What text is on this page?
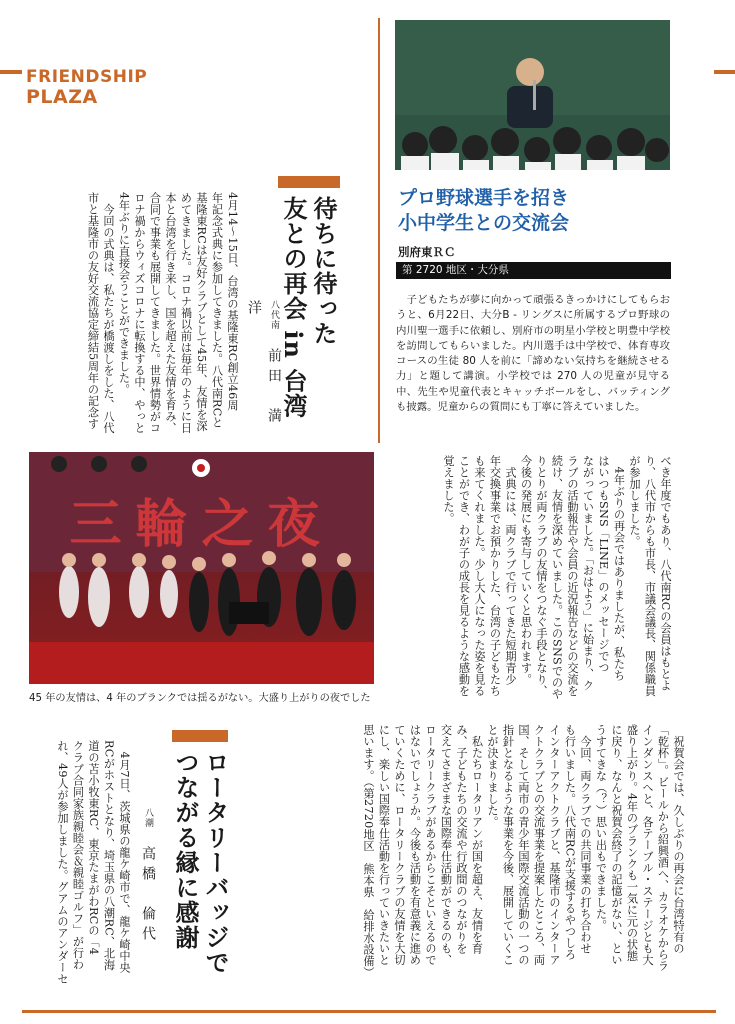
FRIENDSHIP
PLAZA
待ちに待った
友との再会 in 台湾
八代南 前田　満洋
4月14～15日、台湾の基隆東RC創立46周
年記念式典に参加してきました。八代南RCと
基隆東RCは友好クラブとして45年、友情を深
めてきました。コロナ禍以前は毎年のように日
本と台湾を行き来し、国を超えた友情を育み、
合同で事業も展開してきました。世界情勢がコ
ロナ禍からウィズコロナに転換する中、やっと
4年ぶりに直接会うことができました。
　今回の式典は、私たちが橋渡しをした、八代
市と基隆市の友好交流協定締結5周年の記念す	プロ野球選手を招き
小中学生との交流会
別府東ＲＣ
第 2720 地区・大分県
　子どもたちが夢に向かって頑張るきっかけにしてもらおうと、6月22日、大分B - リングスに所属するプロ野球の内川聖一選手に依頼し、別府市の明星小学校と明豊中学校を訪問してもらいました。内川選手は中学校で、体育専攻コースの生徒 80 人を前に「諦めない気持ちを継続させる力」と題して講演。小学校では 270 人の児童が見守る中、先生や児童代表とキャッチボールをし、バッティングも披露。児童からの質問にも丁寧に答えていました。
三輪之夜
45 年の友情は、4 年のブランクでは揺るがない。大盛り上がりの夜でした
べき年度でもあり、八代南RCの会員はもとよ
り、八代市からも市長、市議会議長、関係職員
が参加しました。
　4年ぶりの再会ではありましたが、私たち
はいつもSNS「LINE」のメッセージでつ
ながっていました。「おはよう」に始まり、ク
ラブの活動報告や会員の近況報告などの交流を
続け、友情を深めていました。このSNSでのや
りとりが両クラブの友情をつなぐ手段となり、
今後の発展にも寄与していくと思われます。
　式典には、両クラブで行ってきた短期青少
年交換事業でお預かりした、台湾の子どもたち
も来てくれました。少し大人になった姿を見る
ことができ、わが子の成長を見るような感動を
覚えました。
　祝賀会では、久しぶりの再会に台湾特有の
「乾杯」。ビールから紹興酒へ、カラオケからラ
インダンスへと、各テーブル・ステージとも大
盛り上がり。4年のブランクも一気に元の状態
に戻り、なんと祝賀会終了の記憶がない、とい
うすてきな（？）思い出もできました。
　今回、両クラブでの共同事業の打ち合わせ
も行いました。八代南RCが支援するやつしろ
インターアクトクラブと、基隆市のインターア
クトクラブとの交流事業を提案したところ、両
国、そして両市の青少年国際交流活動の一つの
指針となるような事業を今後、展開していくこ
とが決まりました。
　私たちロータリアンが国を超え、友情を育
み、子どもたちの交流や行政間のつながりを
交えてさまざまな国際奉仕活動ができるのも、
ロータリークラブがあるからこそといえるので
はないでしょうか。今後も活動を有意義に進め
ていくために、ロータリークラブの友情を大切
にし、楽しい国際奉仕活動を行っていきたいと
思います。（第2720地区　熊本県　給排水設備）
ロータリーバッジで
つながる縁に感謝
八潮 高橋　倫代
　4月7日、茨城県の龍ケ崎市で、龍ケ崎中央
RCがホストとなり、埼玉県の八潮RC、北海
道の苫小牧東RC、東京たまがわRCの「4
クラブ合同家族親睦会＆親睦ゴルフ」が行わ
れ、49人が参加しました。グアムのアンダーセ
